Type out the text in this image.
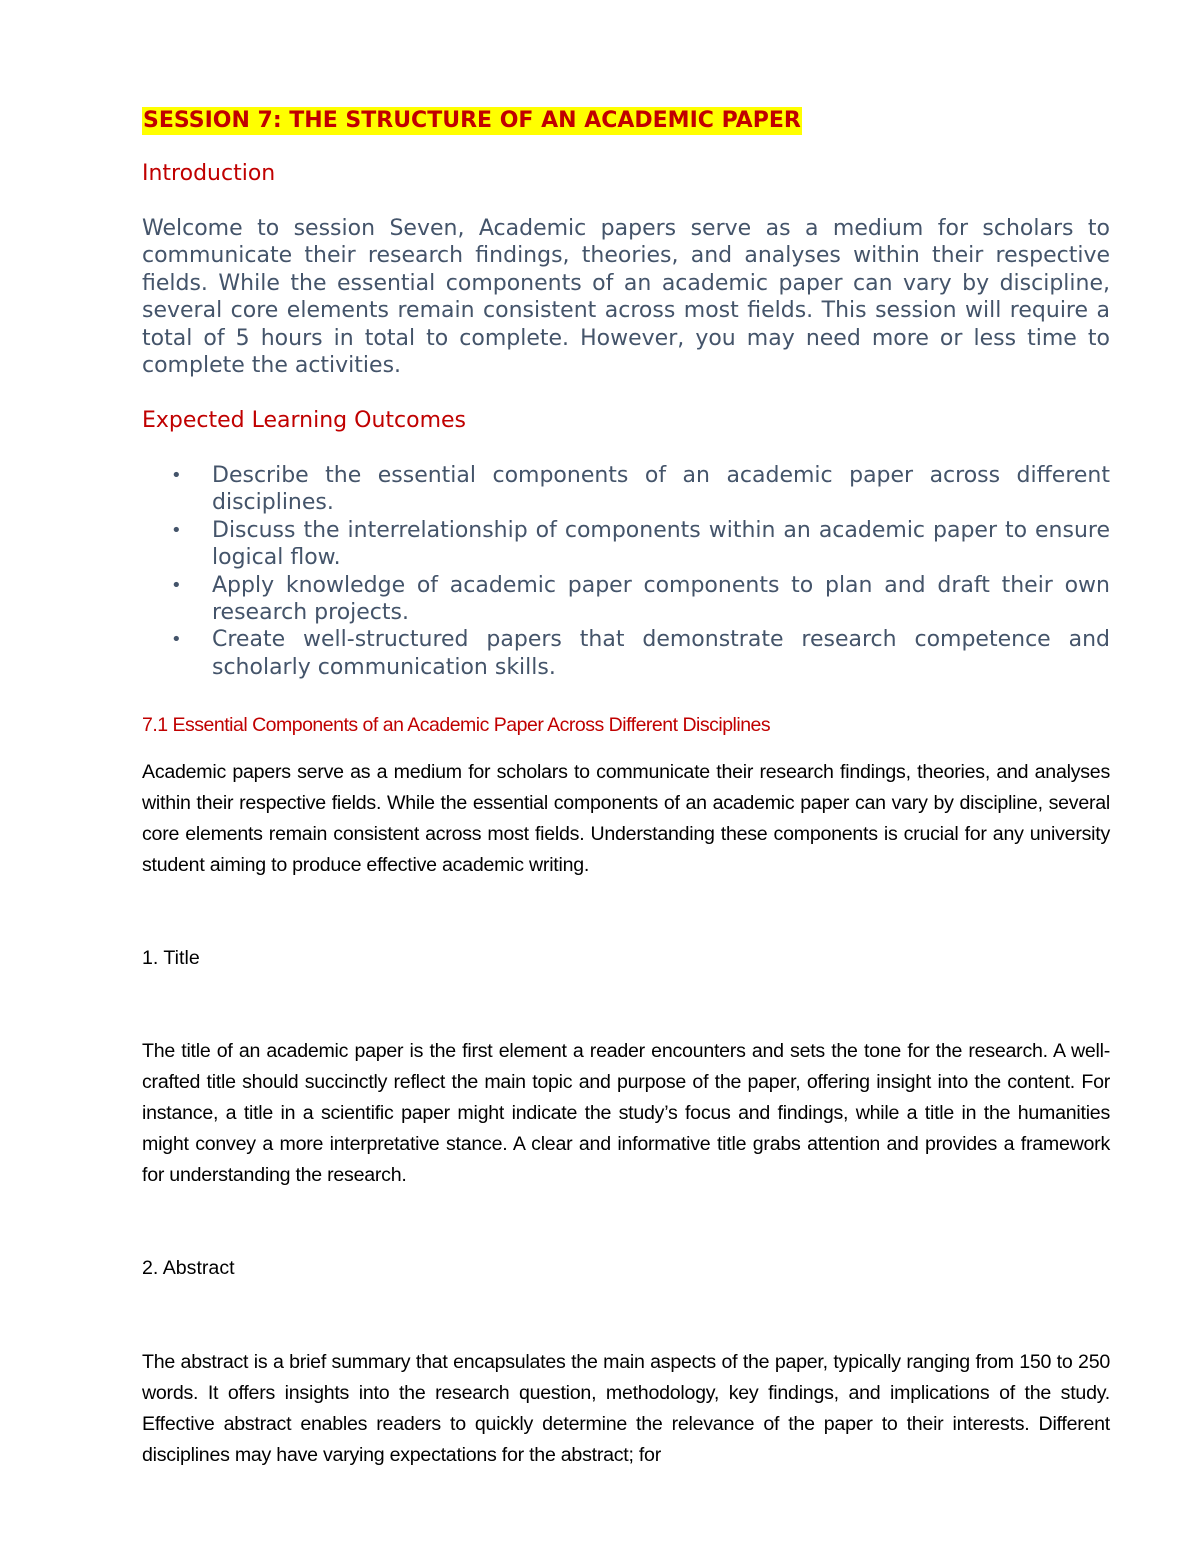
SESSION 7: THE STRUCTURE OF AN ACADEMIC PAPER
Introduction

Welcome to session Seven, Academic papers serve as a medium for scholars to communicate their research findings, theories, and analyses within their respective fields. While the essential components of an academic paper can vary by discipline, several core elements remain consistent across most fields. This session will require a total of 5 hours in total to complete. However, you may need more or less time to complete the activities.

Expected Learning Outcomes
• Describe the essential components of an academic paper across different disciplines.
• Discuss the interrelationship of components within an academic paper to ensure logical flow.
• Apply knowledge of academic paper components to plan and draft their own research projects.
• Create well-structured papers that demonstrate research competence and scholarly communication skills.
7.1 Essential Components of an Academic Paper Across Different Disciplines

Academic papers serve as a medium for scholars to communicate their research findings, theories, and analyses within their respective fields. While the essential components of an academic paper can vary by discipline, several core elements remain consistent across most fields. Understanding these components is crucial for any university student aiming to produce effective academic writing.

1. Title

The title of an academic paper is the first element a reader encounters and sets the tone for the research. A well-crafted title should succinctly reflect the main topic and purpose of the paper, offering insight into the content. For instance, a title in a scientific paper might indicate the study’s focus and findings, while a title in the humanities might convey a more interpretative stance. A clear and informative title grabs attention and provides a framework for understanding the research.

2. Abstract

The abstract is a brief summary that encapsulates the main aspects of the paper, typically ranging from 150 to 250 words. It offers insights into the research question, methodology, key findings, and implications of the study. Effective abstract enables readers to quickly determine the relevance of the paper to their interests. Different disciplines may have varying expectations for the abstract; for
